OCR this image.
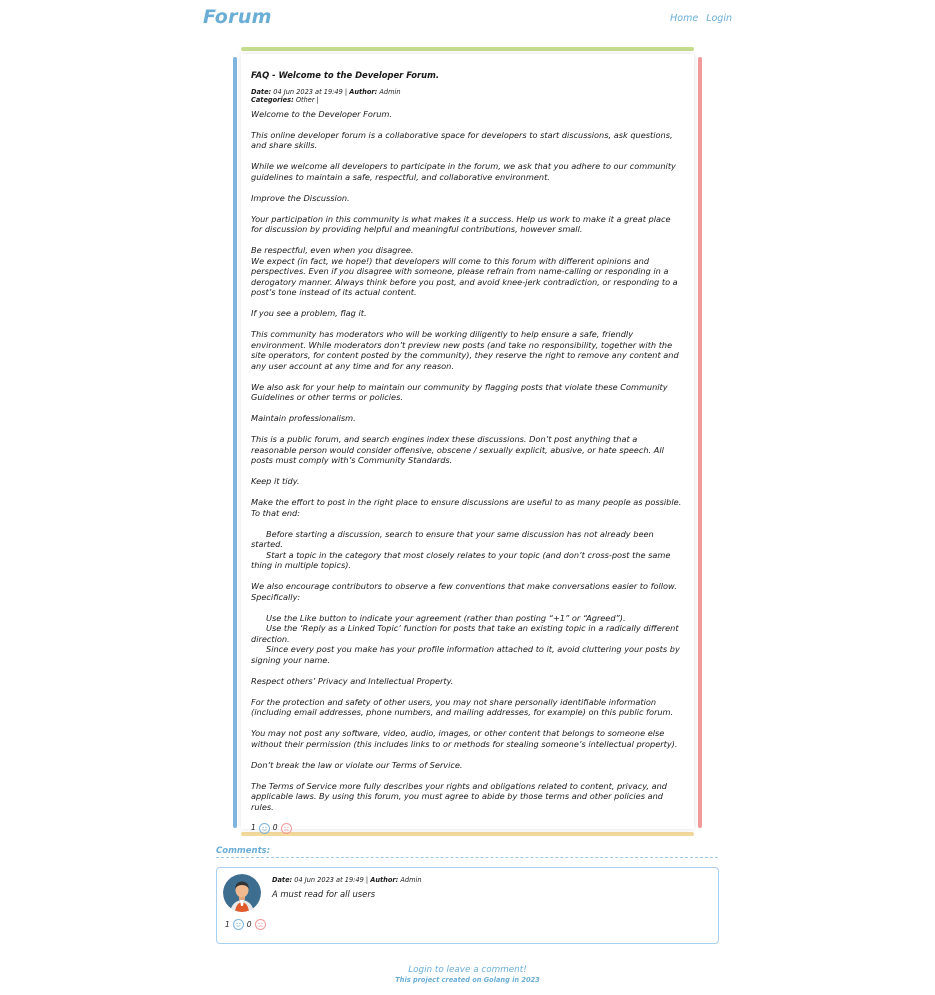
Forum	Home Login
FAQ - Welcome to the Developer Forum.
Date: 04 Jun 2023 at 19:49 | Author: Admin
Categories: Other |

Welcome to the Developer Forum.

This online developer forum is a collaborative space for developers to start discussions, ask questions, and share skills.

While we welcome all developers to participate in the forum, we ask that you adhere to our community guidelines to maintain a safe, respectful, and collaborative environment.

Improve the Discussion.

Your participation in this community is what makes it a success. Help us work to make it a great place for discussion by providing helpful and meaningful contributions, however small.

Be respectful, even when you disagree.

We expect (in fact, we hope!) that developers will come to this forum with different opinions and perspectives. Even if you disagree with someone, please refrain from name-calling or responding in a derogatory manner. Always think before you post, and avoid knee-jerk contradiction, or responding to a post’s tone instead of its actual content.

If you see a problem, flag it.

This community has moderators who will be working diligently to help ensure a safe, friendly environment. While moderators don’t preview new posts (and take no responsibility, together with the site operators, for content posted by the community), they reserve the right to remove any content and any user account at any time and for any reason.

We also ask for your help to maintain our community by flagging posts that violate these Community Guidelines or other terms or policies.

Maintain professionalism.

This is a public forum, and search engines index these discussions. Don’t post anything that a reasonable person would consider offensive, obscene / sexually explicit, abusive, or hate speech. All posts must comply with’s Community Standards.

Keep it tidy.

Make the effort to post in the right place to ensure discussions are useful to as many people as possible. To that end:

Before starting a discussion, search to ensure that your same discussion has not already been started.

Start a topic in the category that most closely relates to your topic (and don’t cross-post the same thing in multiple topics).

We also encourage contributors to observe a few conventions that make conversations easier to follow. Specifically:

Use the Like button to indicate your agreement (rather than posting “+1” or “Agreed”).

Use the ‘Reply as a Linked Topic’ function for posts that take an existing topic in a radically different direction.

Since every post you make has your profile information attached to it, avoid cluttering your posts by signing your name.

Respect others’ Privacy and Intellectual Property.

For the protection and safety of other users, you may not share personally identifiable information (including email addresses, phone numbers, and mailing addresses, for example) on this public forum.

You may not post any software, video, audio, images, or other content that belongs to someone else without their permission (this includes links to or methods for stealing someone’s intellectual property).

Don’t break the law or violate our Terms of Service.

The Terms of Service more fully describes your rights and obligations related to content, privacy, and applicable laws. By using this forum, you must agree to abide by those terms and other policies and rules.

1 0
Comments:
Date: 04 Jun 2023 at 19:49 | Author: Admin
A must read for all users
1 0
Login to leave a comment!
This project created on Golang in 2023
